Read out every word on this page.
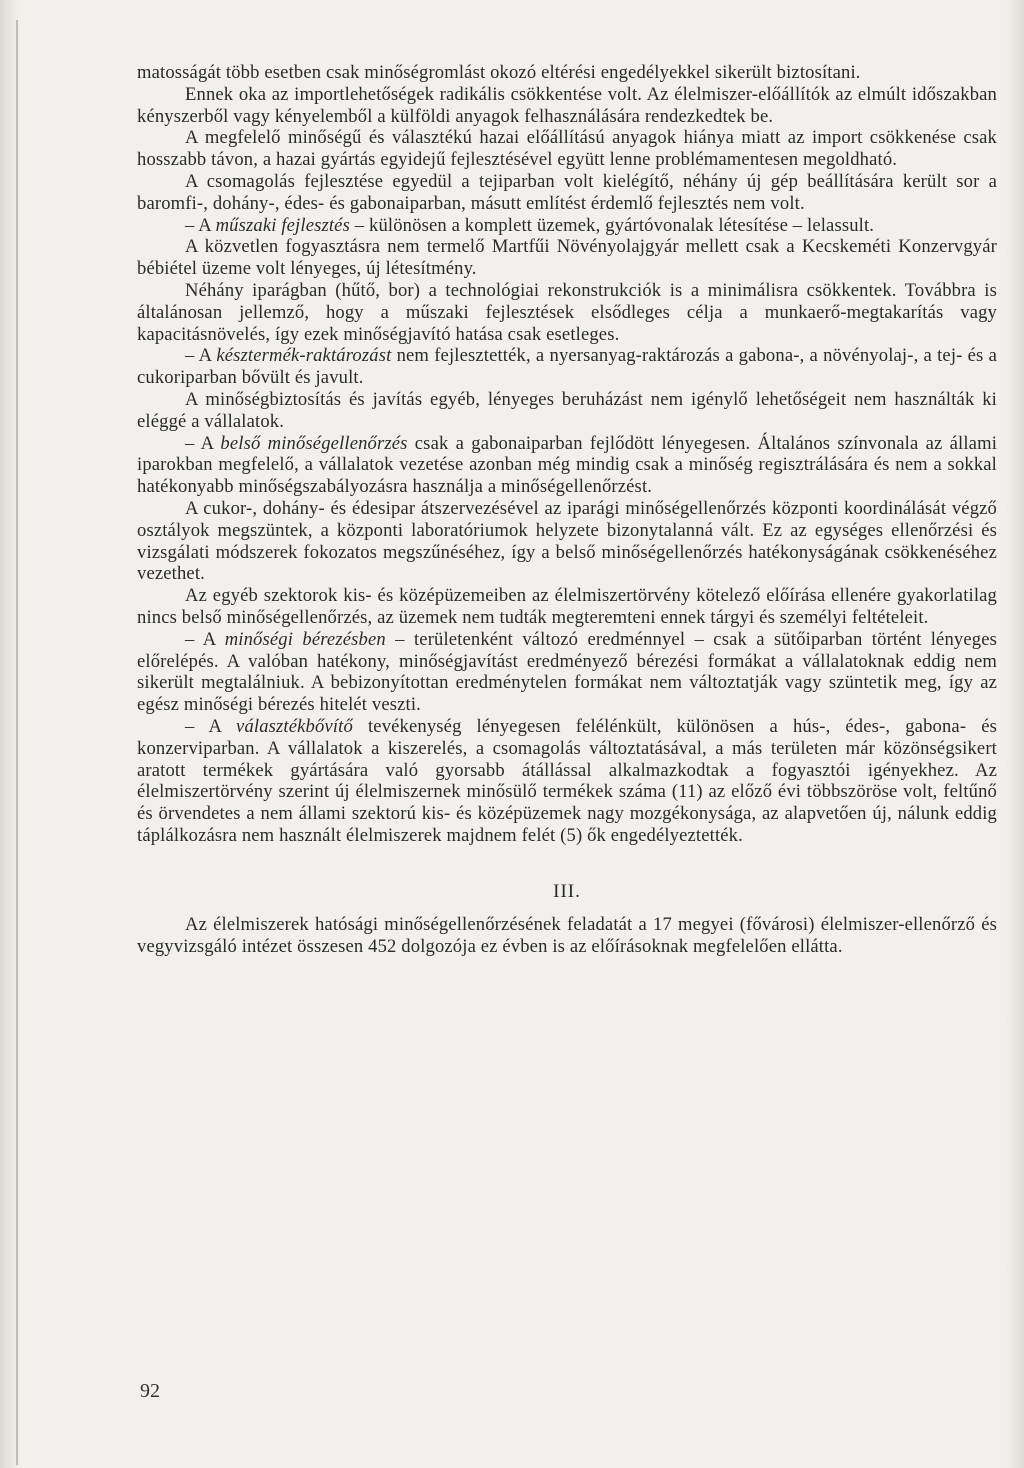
matosságát több esetben csak minőségromlást okozó eltérési engedélyekkel sikerült biztosítani.

Ennek oka az importlehetőségek radikális csökkentése volt. Az élelmiszer-előállítók az elmúlt időszakban kényszerből vagy kényelemből a külföldi anyagok felhasználására rendezkedtek be.

A megfelelő minőségű és választékú hazai előállítású anyagok hiánya miatt az import csökkenése csak hosszabb távon, a hazai gyártás egyidejű fejlesztésével együtt lenne problémamentesen megoldható.

A csomagolás fejlesztése egyedül a tejiparban volt kielégítő, néhány új gép beállítására került sor a baromfi-, dohány-, édes- és gabonaiparban, másutt említést érdemlő fejlesztés nem volt.

– A műszaki fejlesztés – különösen a komplett üzemek, gyártóvonalak létesítése – lelassult.

A közvetlen fogyasztásra nem termelő Martfűi Növényolajgyár mellett csak a Kecskeméti Konzervgyár bébiétel üzeme volt lényeges, új létesítmény.

Néhány iparágban (hűtő, bor) a technológiai rekonstrukciók is a minimálisra csökkentek. Továbbra is általánosan jellemző, hogy a műszaki fejlesztések elsődleges célja a munkaerő-megtakarítás vagy kapacitásnövelés, így ezek minőségjavító hatása csak esetleges.

– A késztermék-raktározást nem fejlesztették, a nyersanyag-raktározás a gabona-, a növényolaj-, a tej- és a cukoriparban bővült és javult.

A minőségbiztosítás és javítás egyéb, lényeges beruházást nem igénylő lehetőségeit nem használták ki eléggé a vállalatok.

– A belső minőségellenőrzés csak a gabonaiparban fejlődött lényegesen. Általános színvonala az állami iparokban megfelelő, a vállalatok vezetése azonban még mindig csak a minőség regisztrálására és nem a sokkal hatékonyabb minőségszabályozásra használja a minőségellenőrzést.

A cukor-, dohány- és édesipar átszervezésével az iparági minőségellenőrzés központi koordinálását végző osztályok megszüntek, a központi laboratóriumok helyzete bizonytalanná vált. Ez az egységes ellenőrzési és vizsgálati módszerek fokozatos megszűnéséhez, így a belső minőségellenőrzés hatékonyságának csökkenéséhez vezethet.

Az egyéb szektorok kis- és középüzemeiben az élelmiszertörvény kötelező előírása ellenére gyakorlatilag nincs belső minőségellenőrzés, az üzemek nem tudták megteremteni ennek tárgyi és személyi feltételeit.

– A minőségi bérezésben – területenként változó eredménnyel – csak a sütőiparban történt lényeges előrelépés. A valóban hatékony, minőségjavítást eredményező bérezési formákat a vállalatoknak eddig nem sikerült megtalálniuk. A bebizonyítottan eredménytelen formákat nem változtatják vagy szüntetik meg, így az egész minőségi bérezés hitelét veszti.

– A választékbővítő tevékenység lényegesen felélénkült, különösen a hús-, édes-, gabona- és konzerviparban. A vállalatok a kiszerelés, a csomagolás változtatásával, a más területen már közönségsikert aratott termékek gyártására való gyorsabb átállással alkalmazkodtak a fogyasztói igényekhez. Az élelmiszertörvény szerint új élelmiszernek minősülő termékek száma (11) az előző évi többszöröse volt, feltűnő és örvendetes a nem állami szektorú kis- és középüzemek nagy mozgékonysága, az alapvetően új, nálunk eddig táplálkozásra nem használt élelmiszerek majdnem felét (5) ők engedélyeztették.

III.

Az élelmiszerek hatósági minőségellenőrzésének feladatát a 17 megyei (fővárosi) élelmiszer-ellenőrző és vegyvizsgáló intézet összesen 452 dolgozója ez évben is az előírásoknak megfelelően ellátta.

92
